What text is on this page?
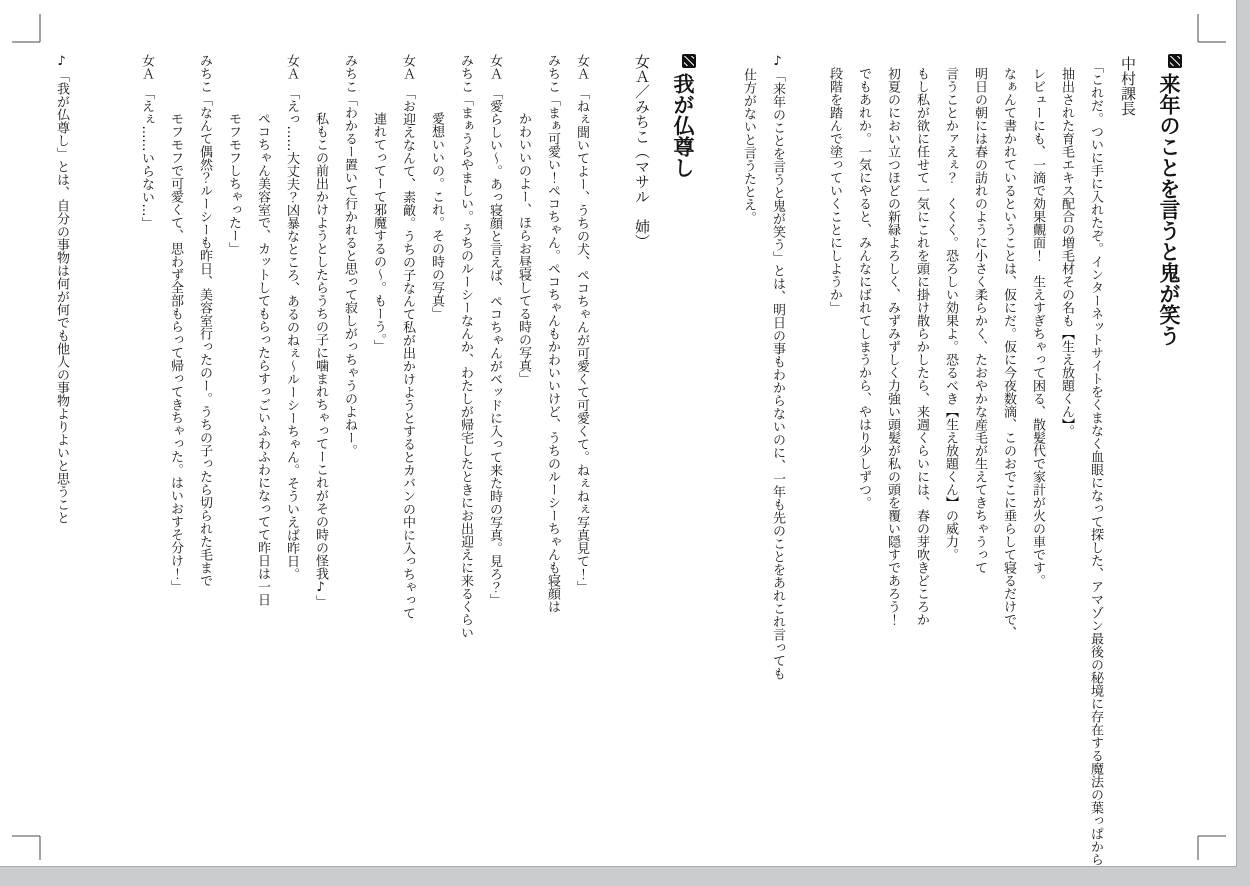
来年のことを言うと鬼が笑う

中村課長

「これだ。ついに手に入れたぞ。インターネットサイトをくまなく血眼になって探した、アマゾン最後の秘境に存在する魔法の葉っぱから

抽出された育毛エキス配合の増毛材その名も【生え放題くん】。

レビューにも、一滴で効果覿面！　生えすぎちゃって困る、散髪代で家計が火の車です。

なぁんて書かれているということは、仮にだ。仮に今夜数滴、このおでこに垂らして寝るだけで、

明日の朝には春の訪れのように小さく柔らかく、たおやかな産毛が生えてきちゃうって

言うことかァえぇ？　くくく。恐ろしい効果よ。恐るべき【生え放題くん】の威力。

もし私が欲に任せて一気にこれを頭に掛け散らかしたら、来週くらいには、春の芽吹きどころか

初夏のにおい立つほどの新緑よろしく、みずみずしく力強い頭髪が私の頭を覆い隠すであろう！

でもあれか。一気にやると、みんなにばれてしまうから、やはり少しずつ。

段階を踏んで塗っていくことにしようか」

♪「来年のことを言うと鬼が笑う」とは、明日の事もわからないのに、一年も先のことをあれこれ言っても

仕方がないと言うたとえ。

我が仏尊し

女Ａ／みちこ（マサル　姉）

女Ａ　「ねぇ聞いてよー、うちの犬、ペコちゃんが可愛くて可愛くて。ねぇねぇ写真見て！」

みちこ「まぁ可愛い！ペコちゃん。ペコちゃんもかわいいけど、うちのルーシーちゃんも寝顔は

かわいいのよー、ほらお昼寝してる時の写真」

女Ａ　「愛らしい～。あっ寝顔と言えば、ペコちゃんがベッドに入って来た時の写真。見ろ？」

みちこ「まぁうらやましい。うちのルーシーなんか、わたしが帰宅したときにお出迎えに来るくらい

愛想いいの。これ。その時の写真」

女Ａ　「お迎えなんて、素敵。うちの子なんて私が出かけようとするとカバンの中に入っちゃって

連れてってーて邪魔するの～。もーう。」

みちこ「わかるー置いて行かれると思って寂しがっちゃうのよねー。

私もこの前出かけようとしたらうちの子に噛まれちゃってーこれがその時の怪我♪」

女Ａ　「えっ……大丈夫？凶暴なところ、あるのねぇ～ルーシーちゃん。そういえば昨日。

ペコちゃん美容室で、カットしてもらったらすっごいふわふわになってて昨日は一日

モフモフしちゃったー」

みちこ「なんて偶然？ルーシーも昨日、美容室行ったのー。うちの子ったら切られた毛まで

モフモフで可愛くて、思わず全部もらって帰ってきちゃった。はいおすそ分け！」

女Ａ　「えぇ……いらない…」

♪「我が仏尊し」とは、自分の事物は何が何でも他人の事物よりよいと思うこと
